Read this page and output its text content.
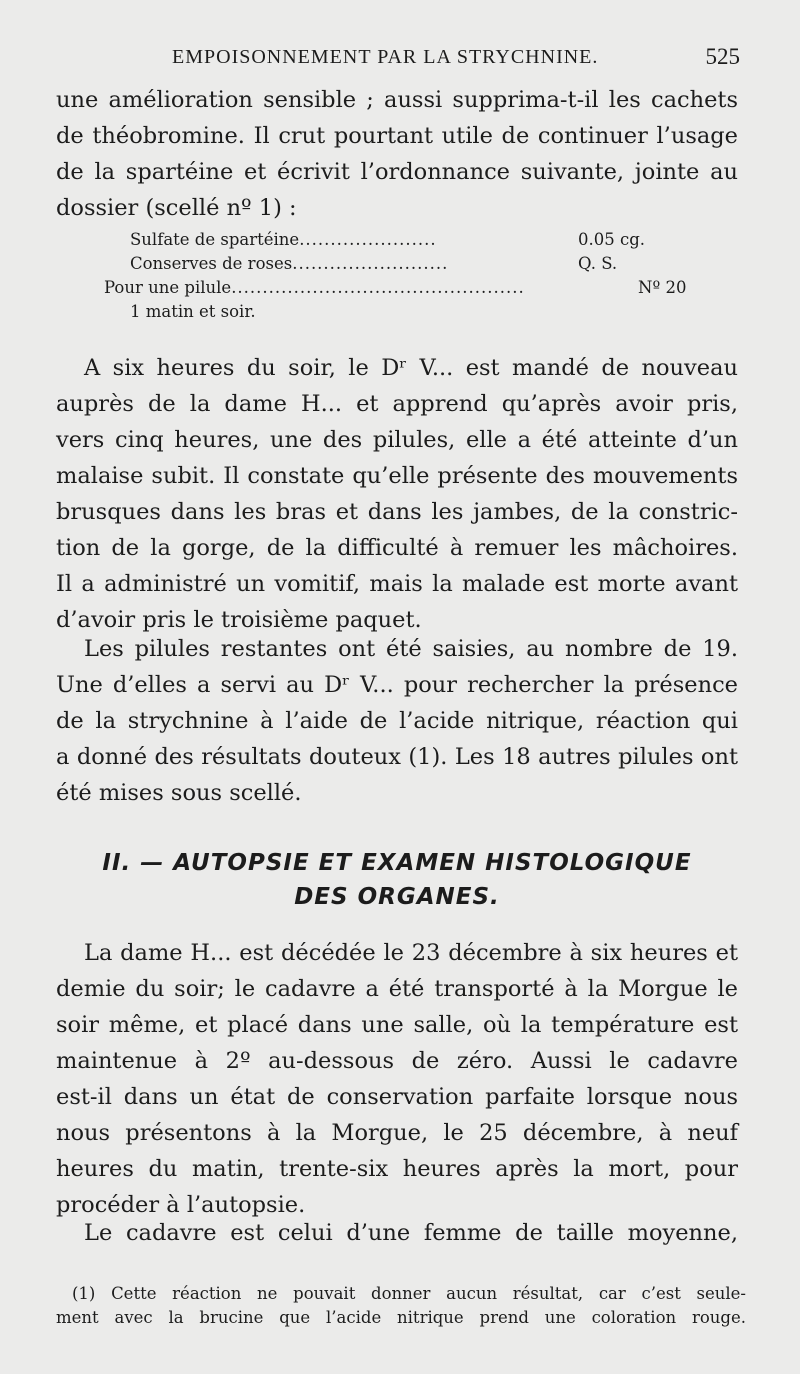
EMPOISONNEMENT PAR LA STRYCHNINE.	525
une amélioration sensible ; aussi supprima-t-il les cachets
de théobromine. Il crut pourtant utile de continuer l’usage
de la spartéine et écrivit l’ordonnance suivante, jointe au
dossier (scellé nº 1) :
Sulfate de spartéine......................	0.05 cg.
Conserves de roses.........................	Q. S.
Pour une pilule...............................................	Nº 20
1 matin et soir.
A six heures du soir, le Dʳ V... est mandé de nouveau
auprès de la dame H... et apprend qu’après avoir pris,
vers cinq heures, une des pilules, elle a été atteinte d’un
malaise subit. Il constate qu’elle présente des mouvements
brusques dans les bras et dans les jambes, de la constric-
tion de la gorge, de la difficulté à remuer les mâchoires.
Il a administré un vomitif, mais la malade est morte avant
d’avoir pris le troisième paquet.
Les pilules restantes ont été saisies, au nombre de 19.
Une d’elles a servi au Dʳ V... pour rechercher la présence
de la strychnine à l’aide de l’acide nitrique, réaction qui
a donné des résultats douteux (1). Les 18 autres pilules ont
été mises sous scellé.
II. — AUTOPSIE ET EXAMEN HISTOLOGIQUE
DES ORGANES.
La dame H... est décédée le 23 décembre à six heures et
demie du soir; le cadavre a été transporté à la Morgue le
soir même, et placé dans une salle, où la température est
maintenue à 2º au-dessous de zéro. Aussi le cadavre
est-il dans un état de conservation parfaite lorsque nous
nous présentons à la Morgue, le 25 décembre, à neuf
heures du matin, trente-six heures après la mort, pour
procéder à l’autopsie.
Le cadavre est celui d’une femme de taille moyenne,
(1) Cette réaction ne pouvait donner aucun résultat, car c’est seule-
ment avec la brucine que l’acide nitrique prend une coloration rouge.
